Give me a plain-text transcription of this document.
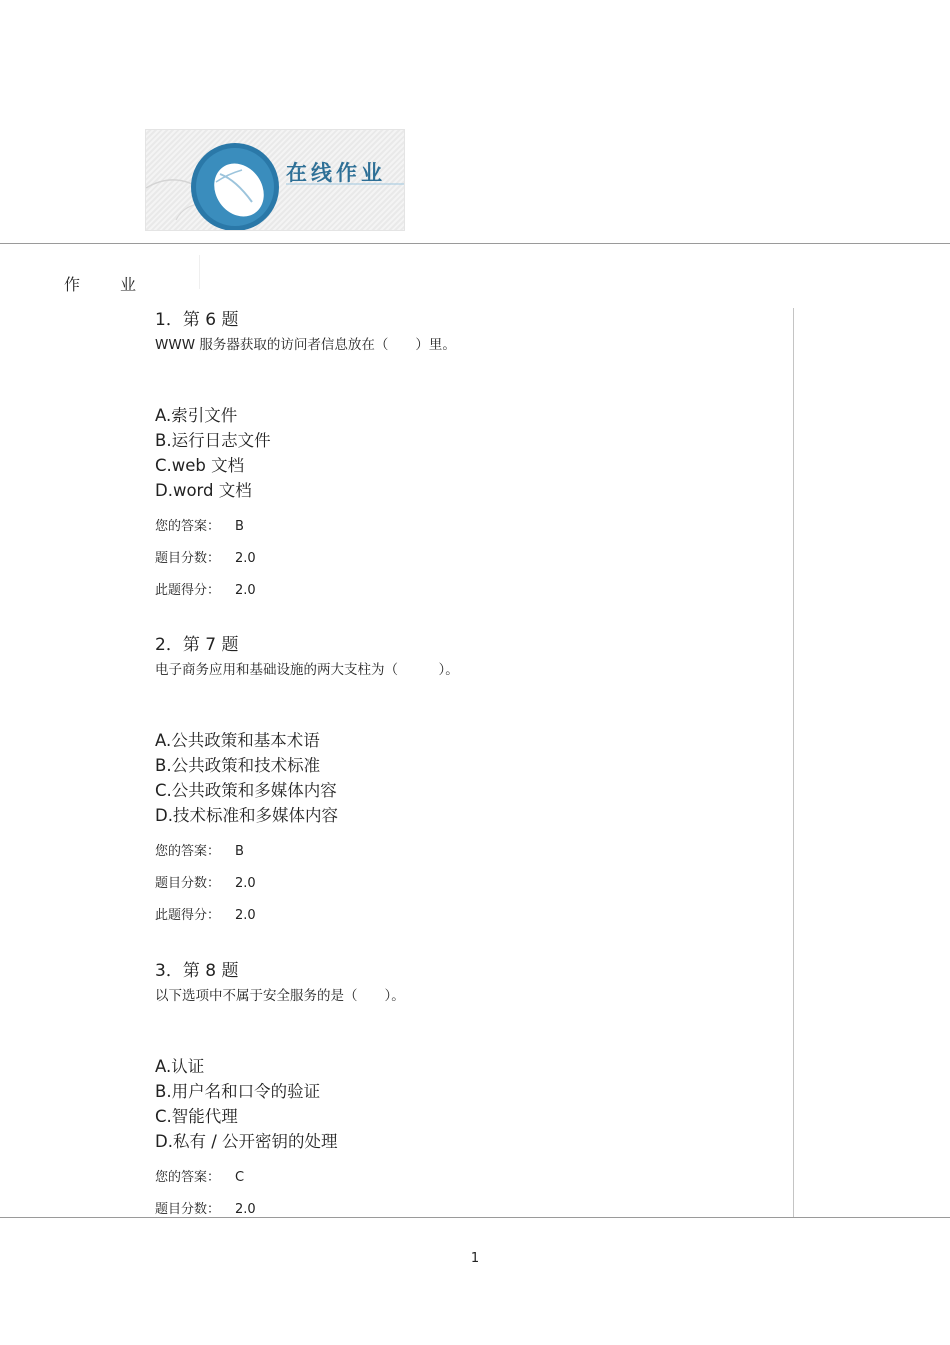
在线作业
作业
1．第 6 题
WWW 服务器获取的访问者信息放在（　　）里。
A.索引文件
B.运行日志文件
C.web 文档
D.word 文档
您的答案： B
题目分数： 2.0
此题得分： 2.0
2．第 7 题
电子商务应用和基础设施的两大支柱为（　　　）。
A.公共政策和基本术语
B.公共政策和技术标准
C.公共政策和多媒体内容
D.技术标准和多媒体内容
您的答案： B
题目分数： 2.0
此题得分： 2.0
3．第 8 题
以下选项中不属于安全服务的是（　　）。
A.认证
B.用户名和口令的验证
C.智能代理
D.私有 / 公开密钥的处理
您的答案： C
题目分数： 2.0
1
